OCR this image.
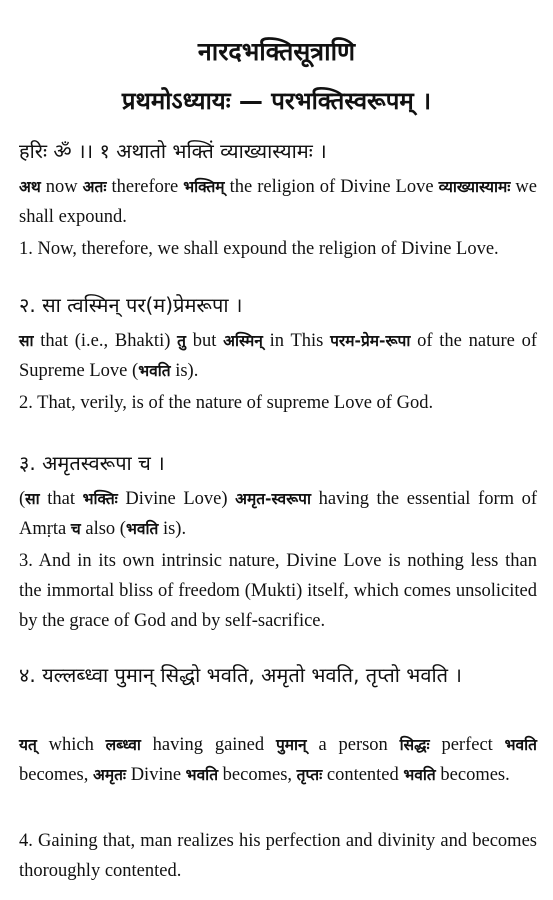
नारदभक्तिसूत्राणि
प्रथमोऽध्यायः — परभक्तिस्वरूपम् ।
हरिः ॐ ।। १ अथातो भक्तिं व्याख्यास्यामः ।
अथ now अतः therefore भक्तिम् the religion of Divine Love व्याख्यास्यामः we shall expound.
1. Now, therefore, we shall expound the religion of Divine Love.
२. सा त्वस्मिन् पर(म)प्रेमरूपा ।
सा that (i.e., Bhakti) तु but अस्मिन् in This परम-प्रेम-रूपा of the nature of Supreme Love (भवति is).
2. That, verily, is of the nature of supreme Love of God.
३. अमृतस्वरूपा च ।
(सा that भक्तिः Divine Love) अमृत-स्वरूपा having the essential form of Amṛta च also (भवति is).
3. And in its own intrinsic nature, Divine Love is nothing less than the immortal bliss of freedom (Mukti) itself, which comes unsolicited by the grace of God and by self-sacrifice.
४. यल्लब्ध्वा पुमान् सिद्धो भवति, अमृतो भवति, तृप्तो भवति ।
यत् which लब्ध्वा having gained पुमान् a person सिद्धः perfect भवति becomes, अमृतः Divine भवति becomes, तृप्तः contented भवति becomes.
4. Gaining that, man realizes his perfection and divinity and becomes thoroughly contented.
